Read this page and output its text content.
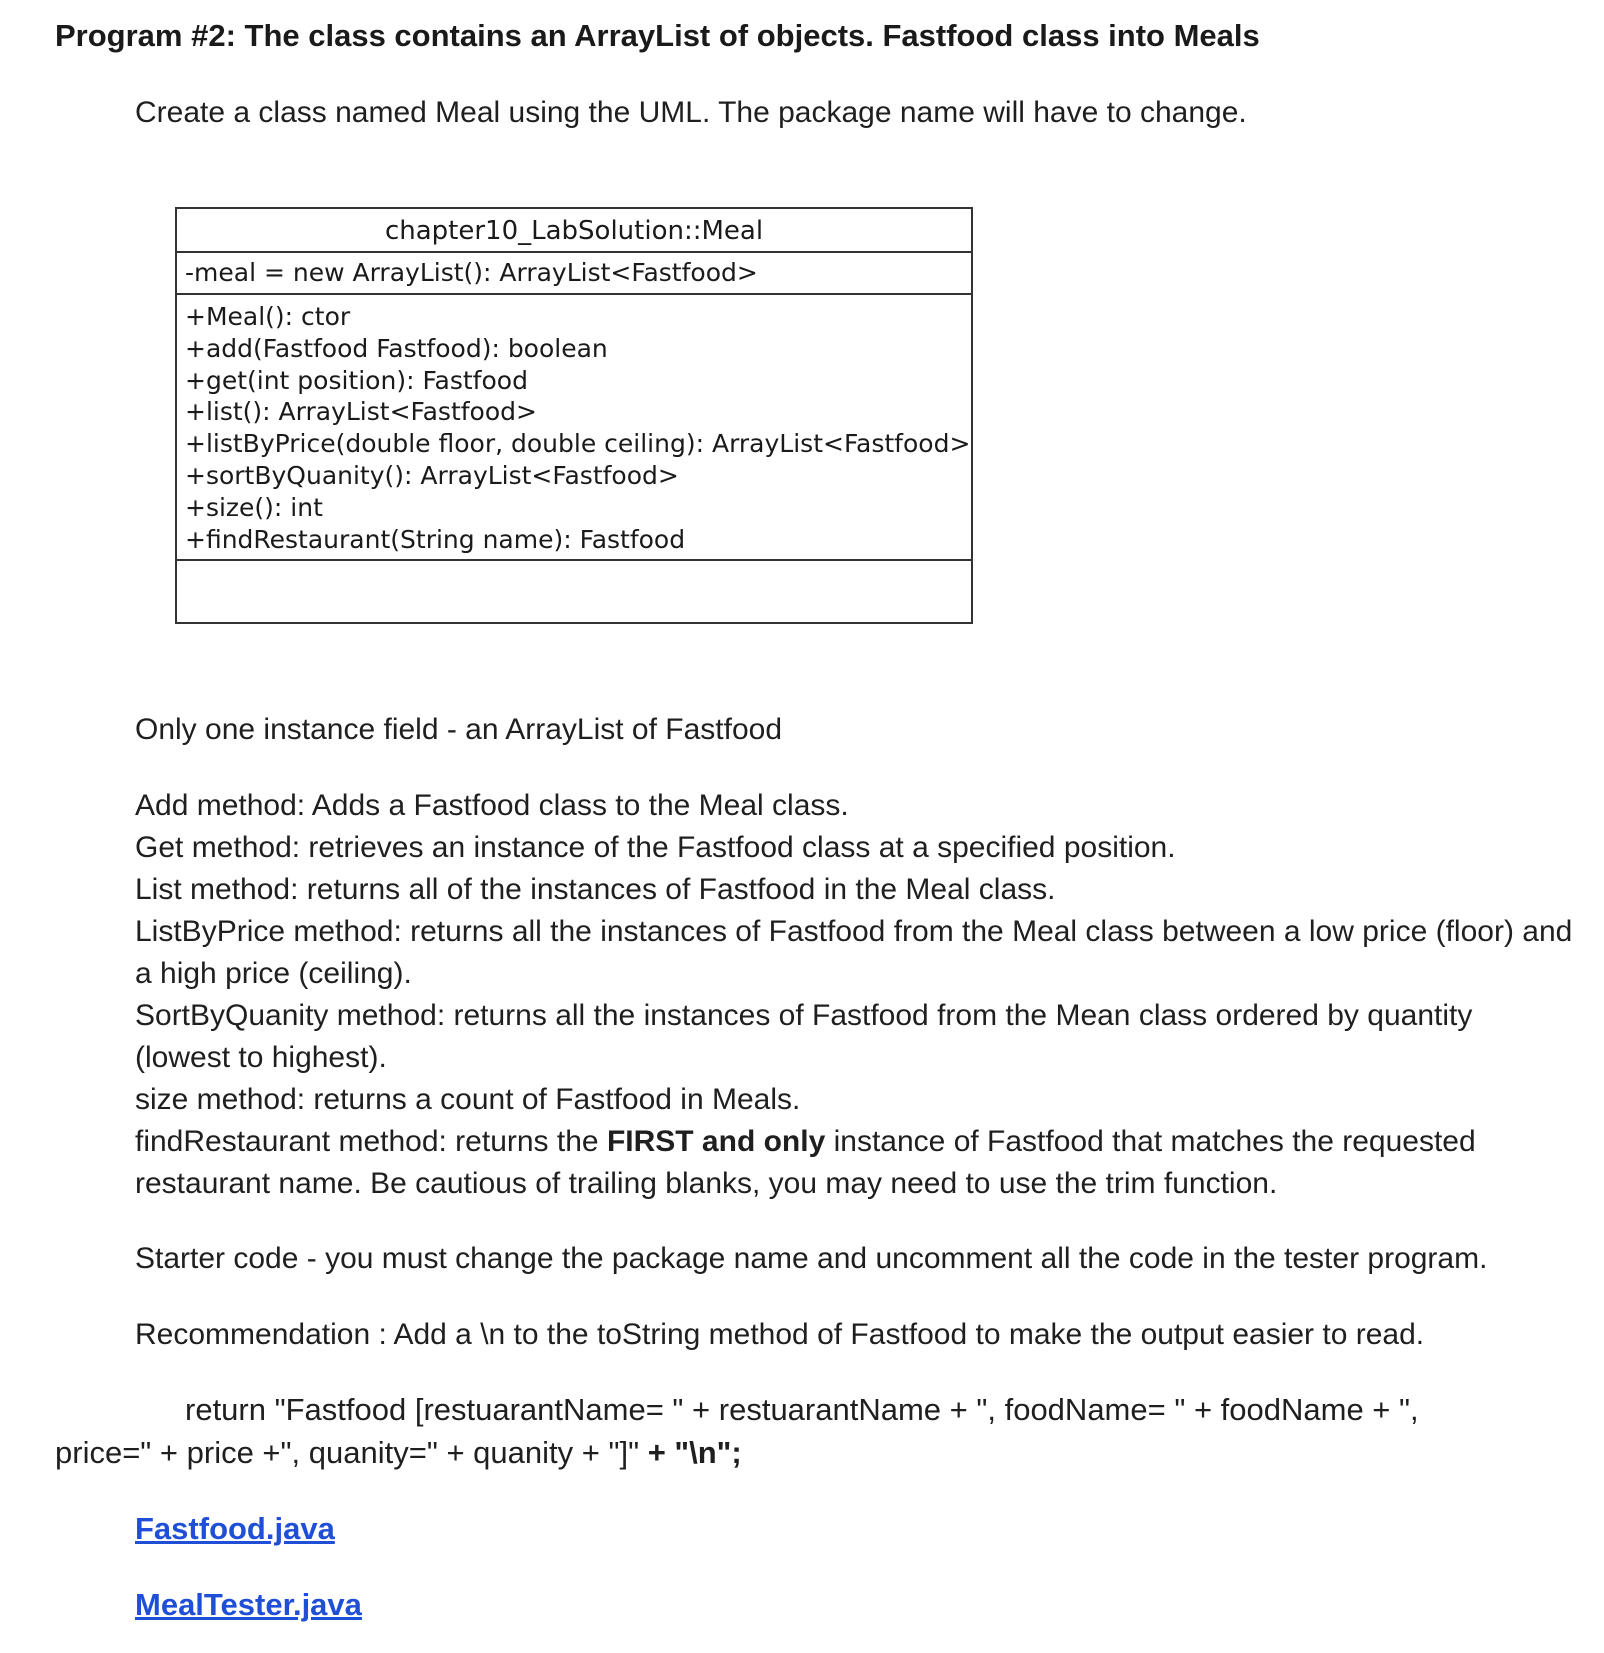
Program #2: The class contains an ArrayList of objects. Fastfood class into Meals
Create a class named Meal using the UML. The package name will have to change.
chapter10_LabSolution::Meal
-meal = new ArrayList(): ArrayList<Fastfood>
+Meal(): ctor
+add(Fastfood Fastfood): boolean
+get(int position): Fastfood
+list(): ArrayList<Fastfood>
+listByPrice(double floor, double ceiling): ArrayList<Fastfood>
+sortByQuanity(): ArrayList<Fastfood>
+size(): int
+findRestaurant(String name): Fastfood
Only one instance field - an ArrayList of Fastfood
Add method: Adds a Fastfood class to the Meal class.
Get method: retrieves an instance of the Fastfood class at a specified position.
List method: returns all of the instances of Fastfood in the Meal class.
ListByPrice method: returns all the instances of Fastfood from the Meal class between a low price (floor) and a high price (ceiling).
SortByQuanity method: returns all the instances of Fastfood from the Mean class ordered by quantity (lowest to highest).
size method: returns a count of Fastfood in Meals.
findRestaurant method: returns the FIRST and only instance of Fastfood that matches the requested restaurant name. Be cautious of trailing blanks, you may need to use the trim function.
Starter code - you must change the package name and uncomment all the code in the tester program.
Recommendation : Add a \n to the toString method of Fastfood to make the output easier to read.
return "Fastfood [restuarantName= " + restuarantName + ", foodName= " + foodName + ",
price=" + price +", quanity=" + quanity + "]" + "\n";
Fastfood.java
MealTester.java
